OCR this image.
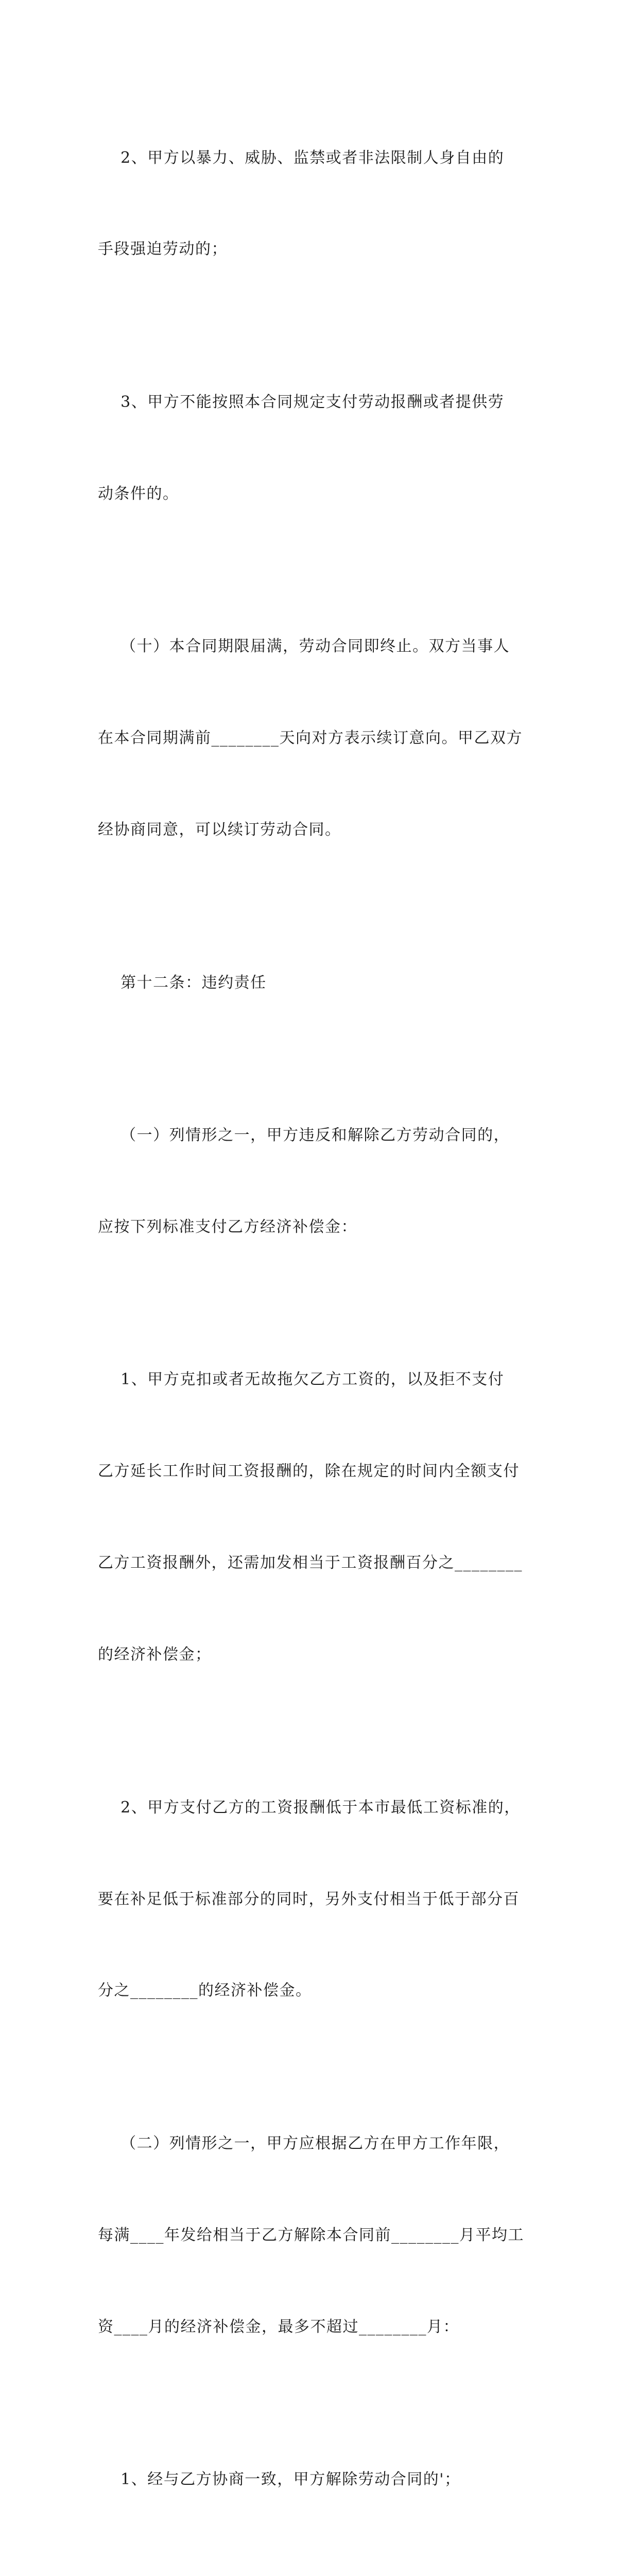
2、甲方以暴力、威胁、监禁或者非法限制人身自由的

手段强迫劳动的；

3、甲方不能按照本合同规定支付劳动报酬或者提供劳

动条件的。

（十）本合同期限届满，劳动合同即终止。双方当事人

在本合同期满前________天向对方表示续订意向。甲乙双方

经协商同意，可以续订劳动合同。

第十二条：违约责任

（一）列情形之一，甲方违反和解除乙方劳动合同的，

应按下列标准支付乙方经济补偿金：

1、甲方克扣或者无故拖欠乙方工资的，以及拒不支付

乙方延长工作时间工资报酬的，除在规定的时间内全额支付

乙方工资报酬外，还需加发相当于工资报酬百分之________

的经济补偿金；

2、甲方支付乙方的工资报酬低于本市最低工资标准的，

要在补足低于标准部分的同时，另外支付相当于低于部分百

分之________的经济补偿金。

（二）列情形之一，甲方应根据乙方在甲方工作年限，

每满____年发给相当于乙方解除本合同前________月平均工

资____月的经济补偿金，最多不超过________月：

1、经与乙方协商一致，甲方解除劳动合同的'；
